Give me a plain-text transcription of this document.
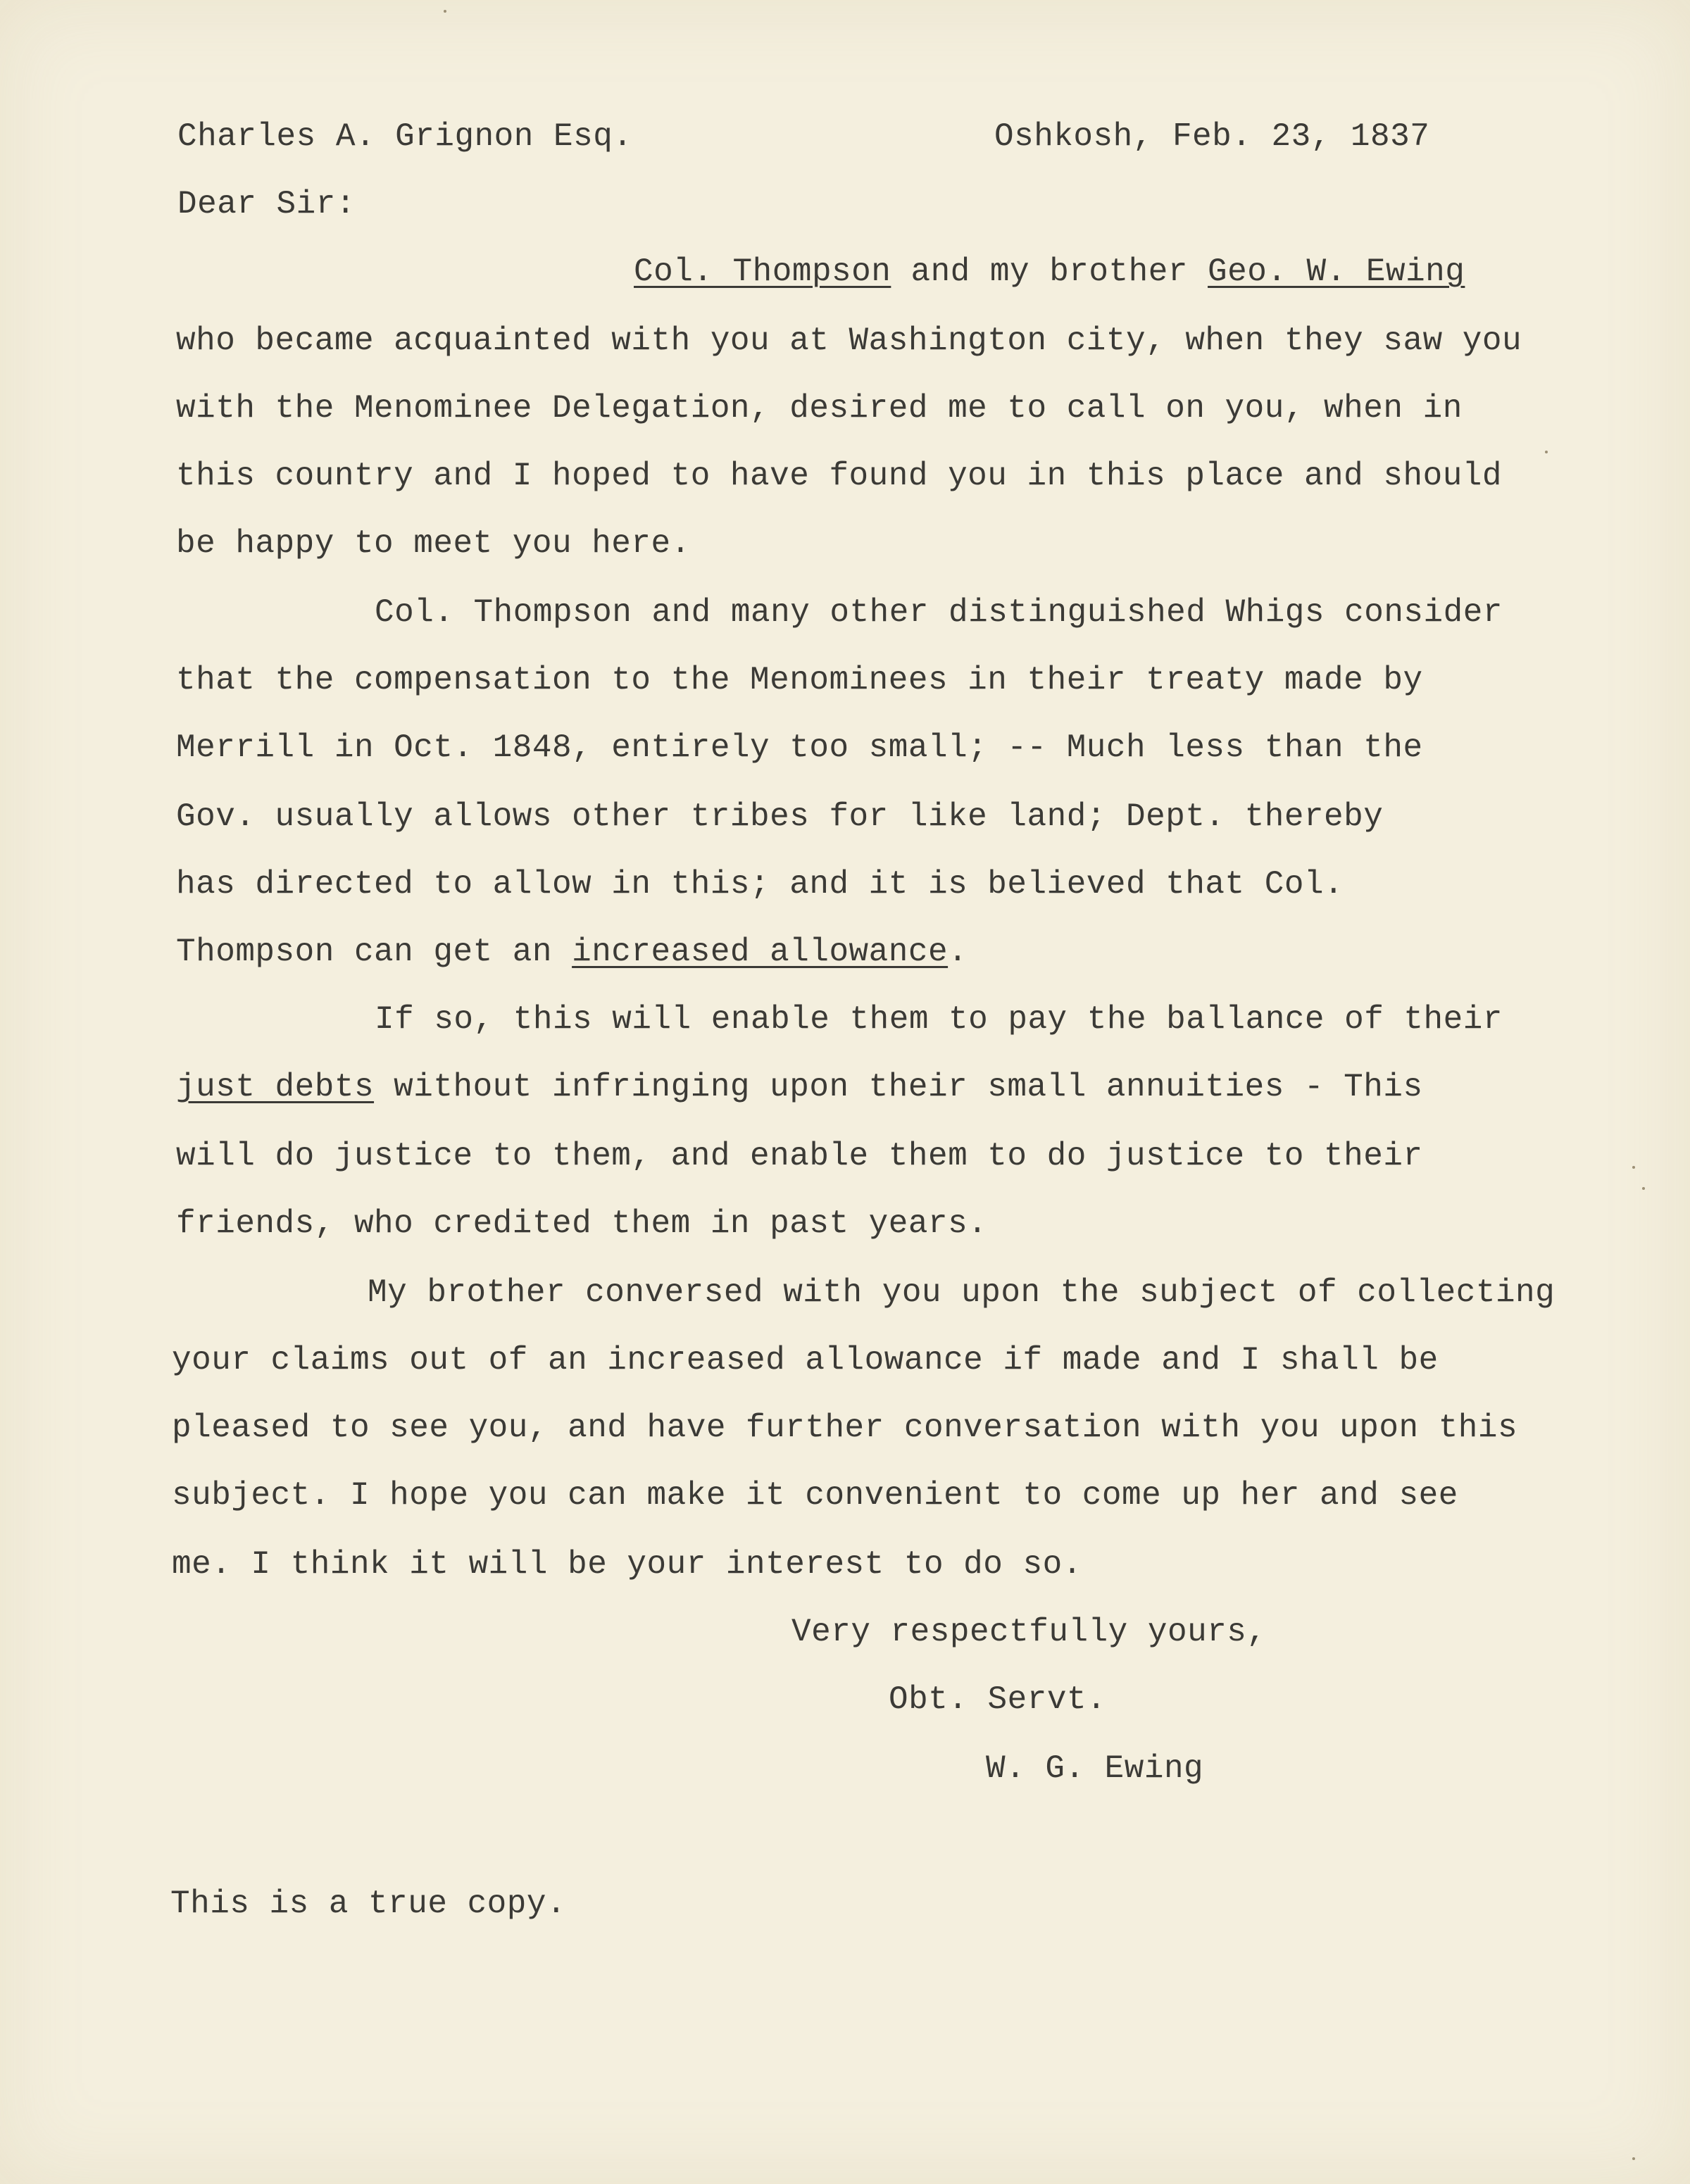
Charles A. Grignon Esq.	Oshkosh, Feb. 23, 1837

Dear Sir:

Col. Thompson and my brother Geo. W. Ewing

who became acquainted with you at Washington city, when they saw you

with the Menominee Delegation, desired me to call on you, when in

this country and I hoped to have found you in this place and should

be happy to meet you here.

Col. Thompson and many other distinguished Whigs consider

that the compensation to the Menominees in their treaty made by

Merrill in Oct. 1848, entirely too small; -- Much less than the

Gov. usually allows other tribes for like land; Dept. thereby

has directed to allow in this; and it is believed that Col.

Thompson can get an increased allowance.

If so, this will enable them to pay the ballance of their

just debts without infringing upon their small annuities - This

will do justice to them, and enable them to do justice to their

friends, who credited them in past years.

My brother conversed with you upon the subject of collecting

your claims out of an increased allowance if made and I shall be

pleased to see you, and have further conversation with you upon this

subject. I hope you can make it convenient to come up her and see

me. I think it will be your interest to do so.

Very respectfully yours,

Obt. Servt.

W. G. Ewing

This is a true copy.
